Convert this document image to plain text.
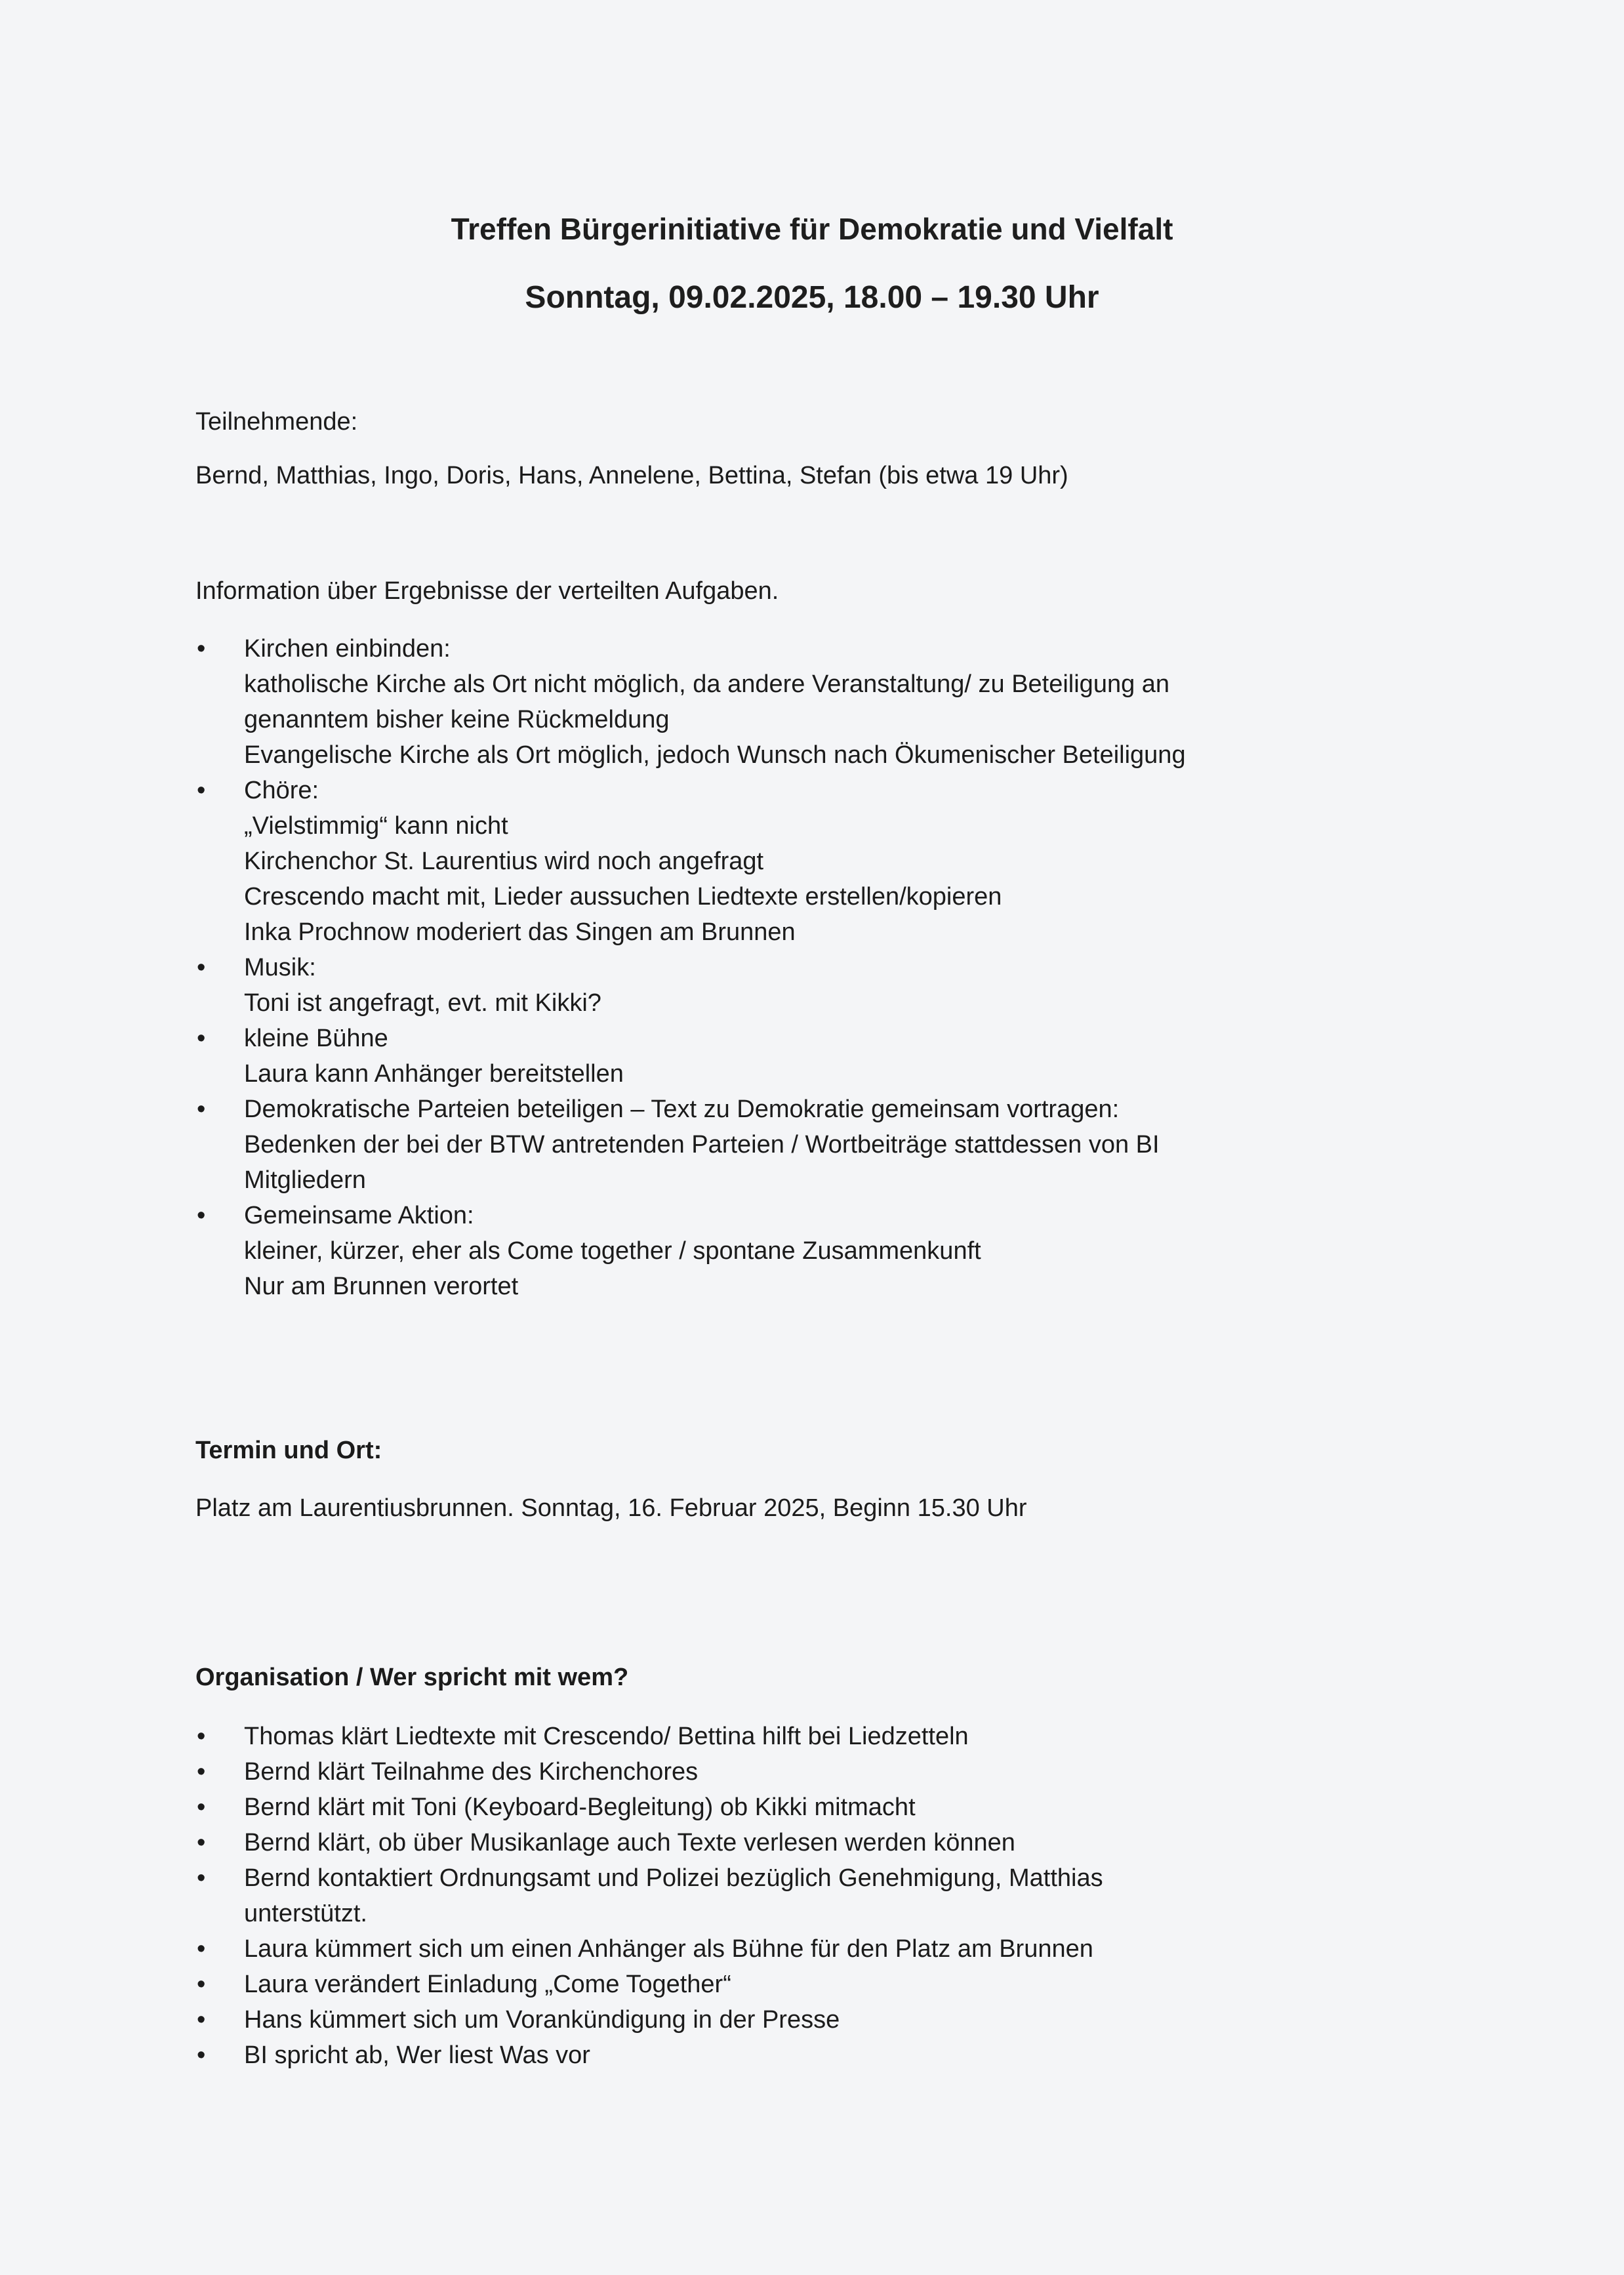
Treffen Bürgerinitiative für Demokratie und Vielfalt
Sonntag, 09.02.2025, 18.00 – 19.30 Uhr
Teilnehmende:
Bernd, Matthias, Ingo, Doris, Hans, Annelene, Bettina, Stefan (bis etwa 19 Uhr)
Information über Ergebnisse der verteilten Aufgaben.
• Kirchen einbinden:
katholische Kirche als Ort nicht möglich, da andere Veranstaltung/ zu Beteiligung an
genanntem bisher keine Rückmeldung
Evangelische Kirche als Ort möglich, jedoch Wunsch nach Ökumenischer Beteiligung
• Chöre:
„Vielstimmig“ kann nicht
Kirchenchor St. Laurentius wird noch angefragt
Crescendo macht mit, Lieder aussuchen Liedtexte erstellen/kopieren
Inka Prochnow moderiert das Singen am Brunnen
• Musik:
Toni ist angefragt, evt. mit Kikki?
• kleine Bühne
Laura kann Anhänger bereitstellen
• Demokratische Parteien beteiligen – Text zu Demokratie gemeinsam vortragen:
Bedenken der bei der BTW antretenden Parteien / Wortbeiträge stattdessen von BI
Mitgliedern
• Gemeinsame Aktion:
kleiner, kürzer, eher als Come together / spontane Zusammenkunft
Nur am Brunnen verortet
Termin und Ort:
Platz am Laurentiusbrunnen. Sonntag, 16. Februar 2025, Beginn 15.30 Uhr
Organisation / Wer spricht mit wem?
• Thomas klärt Liedtexte mit Crescendo/ Bettina hilft bei Liedzetteln
• Bernd klärt Teilnahme des Kirchenchores
• Bernd klärt mit Toni (Keyboard-Begleitung) ob Kikki mitmacht
• Bernd klärt, ob über Musikanlage auch Texte verlesen werden können
• Bernd kontaktiert Ordnungsamt und Polizei bezüglich Genehmigung, Matthias
unterstützt.
• Laura kümmert sich um einen Anhänger als Bühne für den Platz am Brunnen
• Laura verändert Einladung „Come Together“
• Hans kümmert sich um Vorankündigung in der Presse
• BI spricht ab, Wer liest Was vor
